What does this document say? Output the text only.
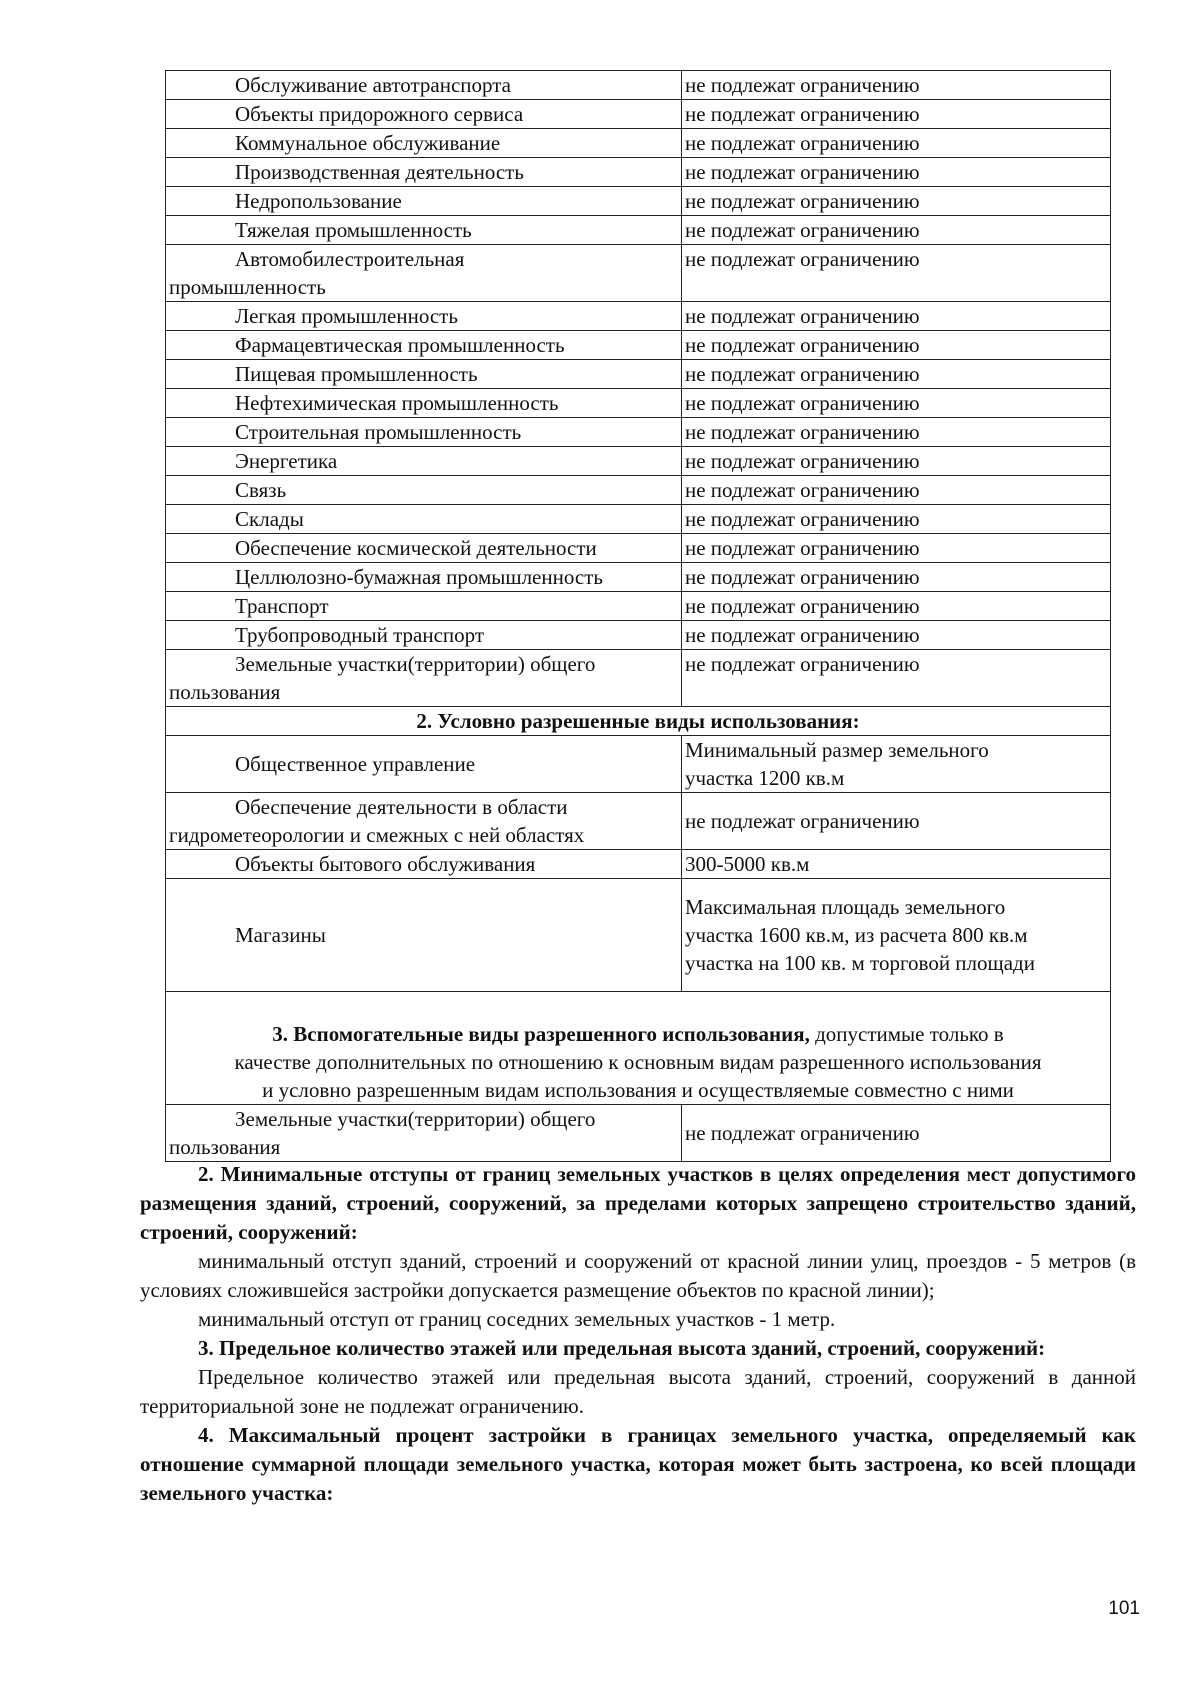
Обслуживание автотранспорта	не подлежат ограничению
Объекты придорожного сервиса	не подлежат ограничению
Коммунальное обслуживание	не подлежат ограничению
Производственная деятельность	не подлежат ограничению
Недропользование	не подлежат ограничению
Тяжелая промышленность	не подлежат ограничению
Автомобилестроительная
промышленность	не подлежат ограничению
Легкая промышленность	не подлежат ограничению
Фармацевтическая промышленность	не подлежат ограничению
Пищевая промышленность	не подлежат ограничению
Нефтехимическая промышленность	не подлежат ограничению
Строительная промышленность	не подлежат ограничению
Энергетика	не подлежат ограничению
Связь	не подлежат ограничению
Склады	не подлежат ограничению
Обеспечение космической деятельности	не подлежат ограничению
Целлюлозно-бумажная промышленность	не подлежат ограничению
Транспорт	не подлежат ограничению
Трубопроводный транспорт	не подлежат ограничению
Земельные участки(территории) общего
пользования	не подлежат ограничению
2. Условно разрешенные виды использования:	
Общественное управление	Минимальный размер земельного
участка 1200 кв.м
Обеспечение деятельности в области
гидрометеорологии и смежных с ней областях	не подлежат ограничению
Объекты бытового обслуживания	300-5000 кв.м
Магазины	Максимальная площадь земельного
участка 1600 кв.м, из расчета 800 кв.м
участка на 100 кв. м торговой площади
3. Вспомогательные виды разрешенного использования, допустимые только в
качестве дополнительных по отношению к основным видам разрешенного использования
и условно разрешенным видам использования и осуществляемые совместно с ними	
Земельные участки(территории) общего
пользования	не подлежат ограничению

2. Минимальные отступы от границ земельных участков в целях определения мест допустимого размещения зданий, строений, сооружений, за пределами которых запрещено строительство зданий, строений, сооружений:

минимальный отступ зданий, строений и сооружений от красной линии улиц, проездов - 5 метров (в условиях сложившейся застройки допускается размещение объектов по красной линии);

минимальный отступ от границ соседних земельных участков - 1 метр.

3. Предельное количество этажей или предельная высота зданий, строений, сооружений:

Предельное количество этажей или предельная высота зданий, строений, сооружений в данной территориальной зоне не подлежат ограничению.

4. Максимальный процент застройки в границах земельного участка, определяемый как отношение суммарной площади земельного участка, которая может быть застроена, ко всей площади земельного участка:

101
